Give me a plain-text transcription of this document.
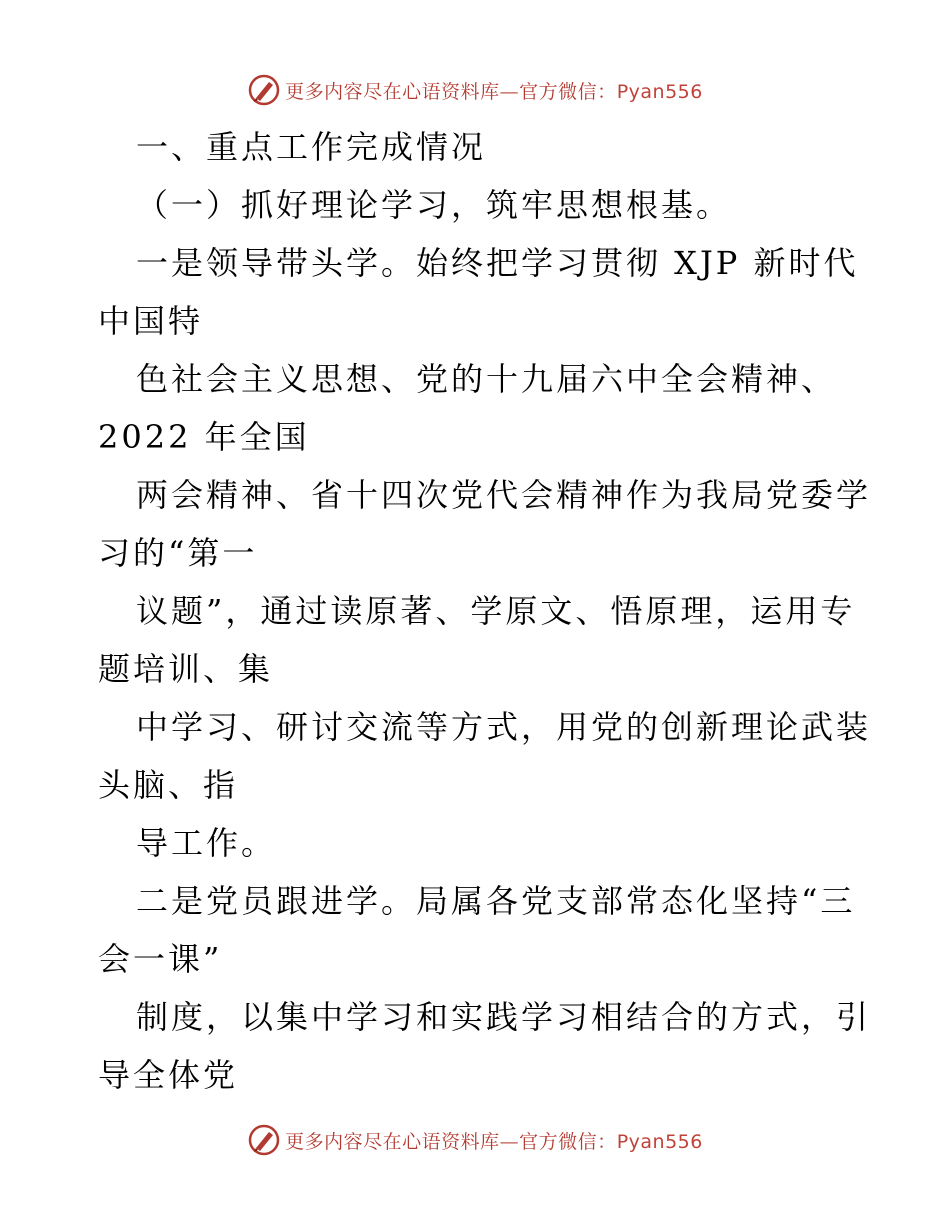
更多内容尽在心语资料库—官方微信：Pyan556
一、重点工作完成情况
（一）抓好理论学习，筑牢思想根基。
一是领导带头学。始终把学习贯彻 XJP 新时代
中国特
色社会主义思想、党的十九届六中全会精神、
2022 年全国
两会精神、省十四次党代会精神作为我局党委学
习的“第一
议题”，通过读原著、学原文、悟原理，运用专
题培训、集
中学习、研讨交流等方式，用党的创新理论武装
头脑、指
导工作。
二是党员跟进学。局属各党支部常态化坚持“三
会一课”
制度，以集中学习和实践学习相结合的方式，引
导全体党
更多内容尽在心语资料库—官方微信：Pyan556
